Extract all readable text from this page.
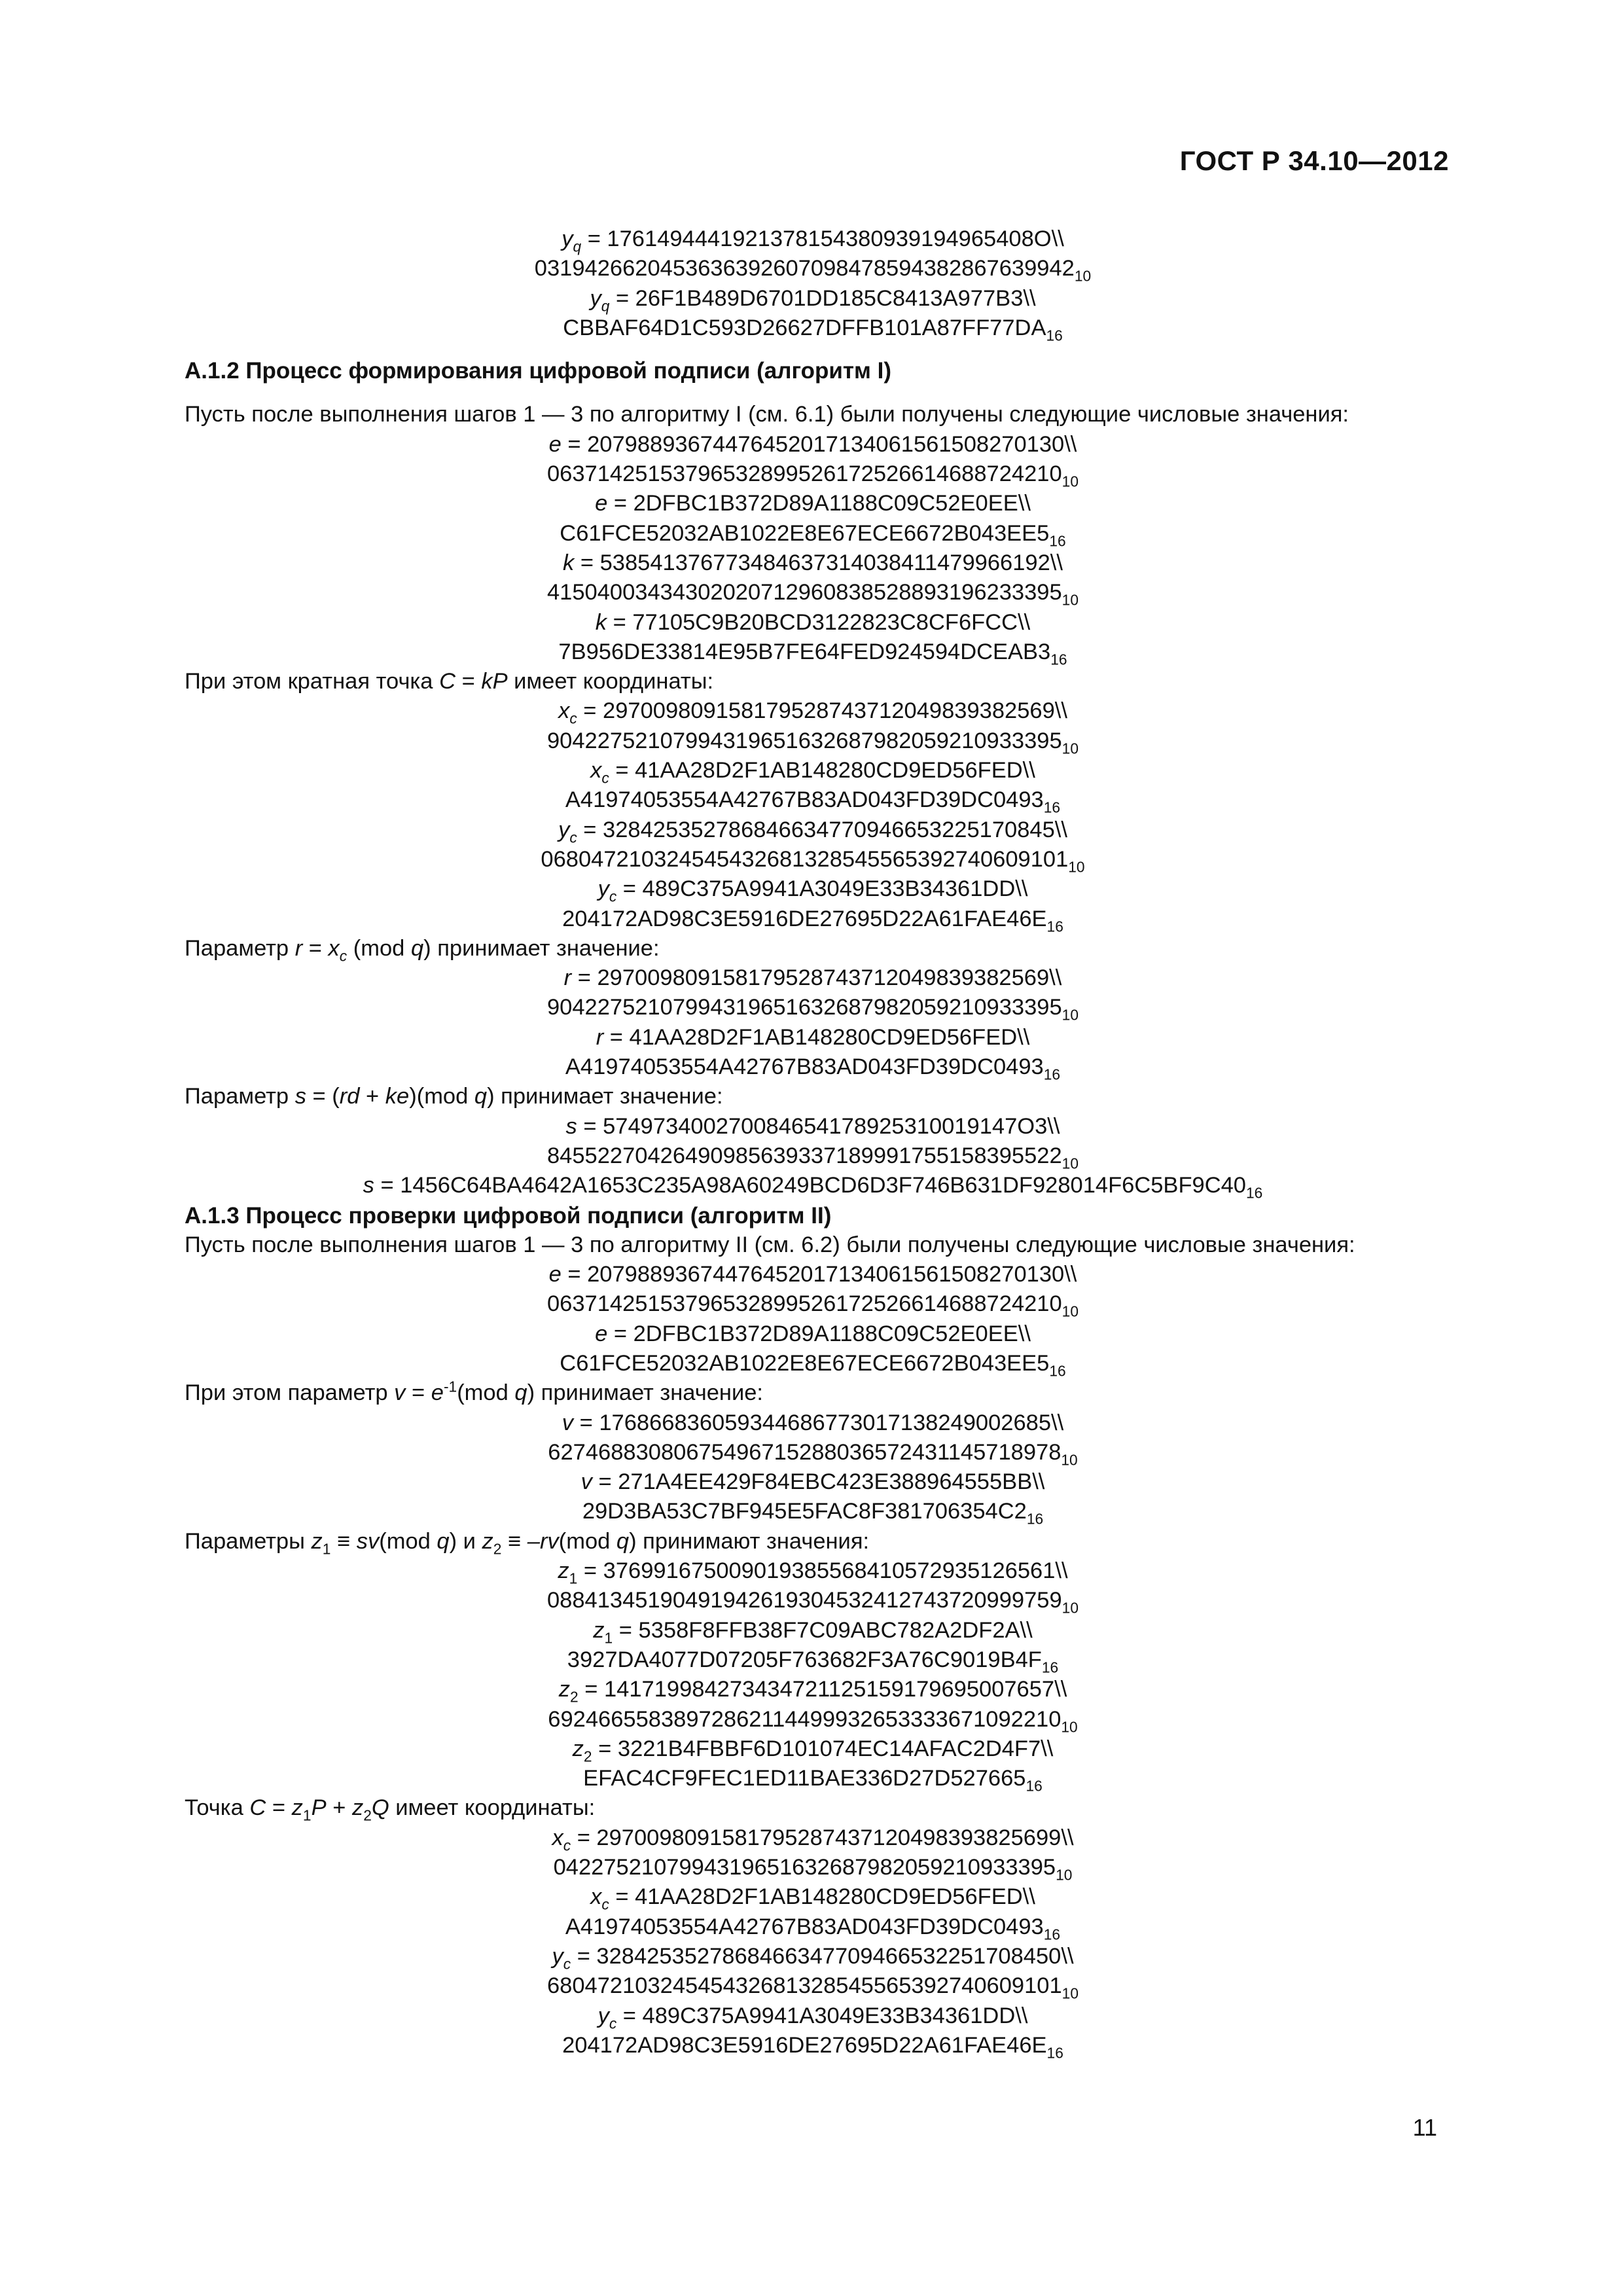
ГОСТ Р 34.10—2012
$y_q$ = 1761494441921378154380939194965408О\\
$0319426620453636392607098478594382867639942_{10}$
$y_q$ = 26F1B489D6701DD185C8413A977B3\\
$CBBAF64D1C593D26627DFFB101A87FF77DA_{16}$
А.1.2 Процесс формирования цифровой подписи (алгоритм I)
Пусть после выполнения шагов 1 — 3 по алгоритму I (см. 6.1) были получены следующие числовые значения:
e = 20798893674476452017134061561508270130\\
$06371425153796532899526172526614688724210_{10}$
e = 2DFBC1B372D89A1188C09C52E0EE\\
$C61FCE52032AB1022E8E67ECE6672B043EE5_{16}$
k = 538541376773484637314038411479966192\\
$41504003434302020712960838528893196233395_{10}$
k = 77105C9B20BCD3122823C8CF6FCC\\
$7B956DE33814E95B7FE64FED924594DCEAB3_{16}$
При этом кратная точка C = kP имеет координаты:
$x_c$ = 297009809158179528743712049839382569\\
$90422752107994319651632687982059210933395_{10}$
$x_c$ = 41AA28D2F1AB148280CD9ED56FED\\
$A41974053554A42767B83AD043FD39DC0493_{16}$
$y_c$ = 328425352786846634770946653225170845\\
$068047210324545432681328545565392740609101_{10}$
$y_c$ = 489C375A9941A3049E33B34361DD\\
$204172AD98C3E5916DE27695D22A61FAE46E_{16}$
Параметр $r = x_c$ (mod q) принимает значение:
r = 297009809158179528743712049839382569\\
$90422752107994319651632687982059210933395_{10}$
r = 41AA28D2F1AB148280CD9ED56FED\\
$A41974053554A42767B83AD043FD39DC0493_{16}$
Параметр s = (rd + ke)(mod q) принимает значение:
s = 574973400270084654178925310019147О3\\
$84552270426490985639337189991755158395522_{10}$
$s = 1456C64BA4642A1653C235A98A60249BCD6D3F746B631DF928014F6C5BF9C40_{16}$
А.1.3 Процесс проверки цифровой подписи (алгоритм II)
Пусть после выполнения шагов 1 — 3 по алгоритму II (см. 6.2) были получены следующие числовые значения:
e = 20798893674476452017134061561508270130\\
$06371425153796532899526172526614688724210_{10}$
e = 2DFBC1B372D89A1188C09C52E0EE\\
$C61FCE52032AB1022E8E67ECE6672B043EE5_{16}$
При этом параметр $v = e^{-1}(mod$ q) принимает значение:
v = 176866836059344686773017138249002685\\
$62746883080675496715288036572431145718978_{10}$
v = 271A4EE429F84EBC423E388964555BB\\
$29D3BA53C7BF945E5FAC8F381706354C2_{16}$
Параметры $z_1 \equiv sv(mod$ q) и $z_2 \equiv -rv(mod$ q) принимают значения:
$z_1$ = 376991675009019385568410572935126561\\
$08841345190491942619304532412743720999759_{10}$
$z_1$ = 5358F8FFB38F7C09ABC782A2DF2A\\
$3927DA4077D07205F763682F3A76C9019B4F_{16}$
$z_2$ = 141719984273434721125159179695007657\\
$69246655838972862114499932653333671092210_{10}$
$z_2$ = 3221B4FBBF6D101074EC14AFAC2D4F7\\
$EFAC4CF9FEC1ED11BAE336D27D527665_{16}$
Точка $C = z_1P + z_2Q$ имеет координаты:
$x_c$ = 2970098091581795287437120498393825699\\
$0422752107994319651632687982059210933395_{10}$
$x_c$ = 41AA28D2F1AB148280CD9ED56FED\\
$A41974053554A42767B83AD043FD39DC0493_{16}$
$y_c$ = 3284253527868466347709466532251708450\\
$68047210324545432681328545565392740609101_{10}$
$y_c$ = 489C375A9941A3049E33B34361DD\\
$204172AD98C3E5916DE27695D22A61FAE46E_{16}$
11
